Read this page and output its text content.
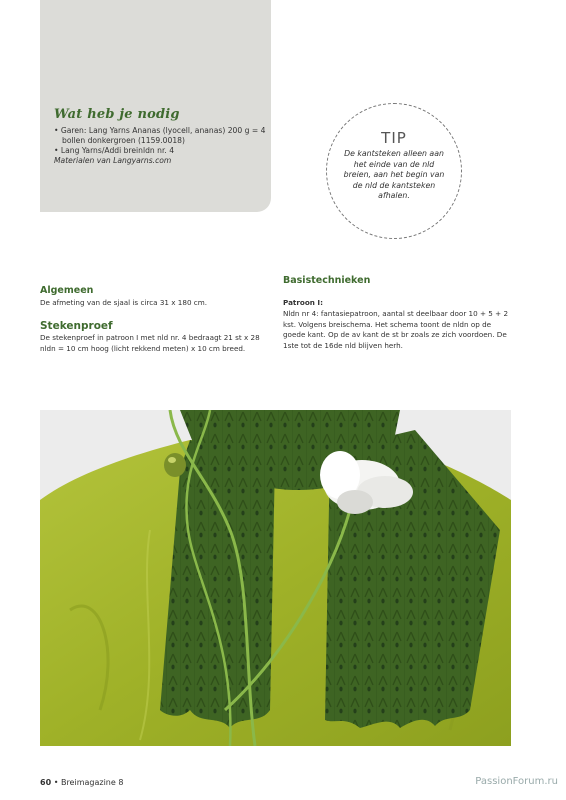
Wat heb je nodig
• Garen: Lang Yarns Ananas (lyocell, ananas) 200 g = 4 bollen donkergroen (1159.0018)
• Lang Yarns/Addi breinldn nr. 4
Materialen van Langyarns.com
TIP
De kantsteken alleen aan het einde van de nld breien, aan het begin van de nld de kantsteken afhalen.
Algemeen
De afmeting van de sjaal is circa 31 x 180 cm.
Stekenproef
De stekenproef in patroon I met nld nr. 4 bedraagt 21 st x 28 nldn = 10 cm hoog (licht rekkend meten) x 10 cm breed.
Basistechnieken
Patroon I:
Nldn nr 4: fantasiepatroon, aantal st deelbaar door 10 + 5 + 2 kst. Volgens breischema. Het schema toont de nldn op de goede kant. Op de av kant de st br zoals ze zich voordoen. De 1ste tot de 16de nld blijven herh.
60 • Breimagazine 8	PassionForum.ru
